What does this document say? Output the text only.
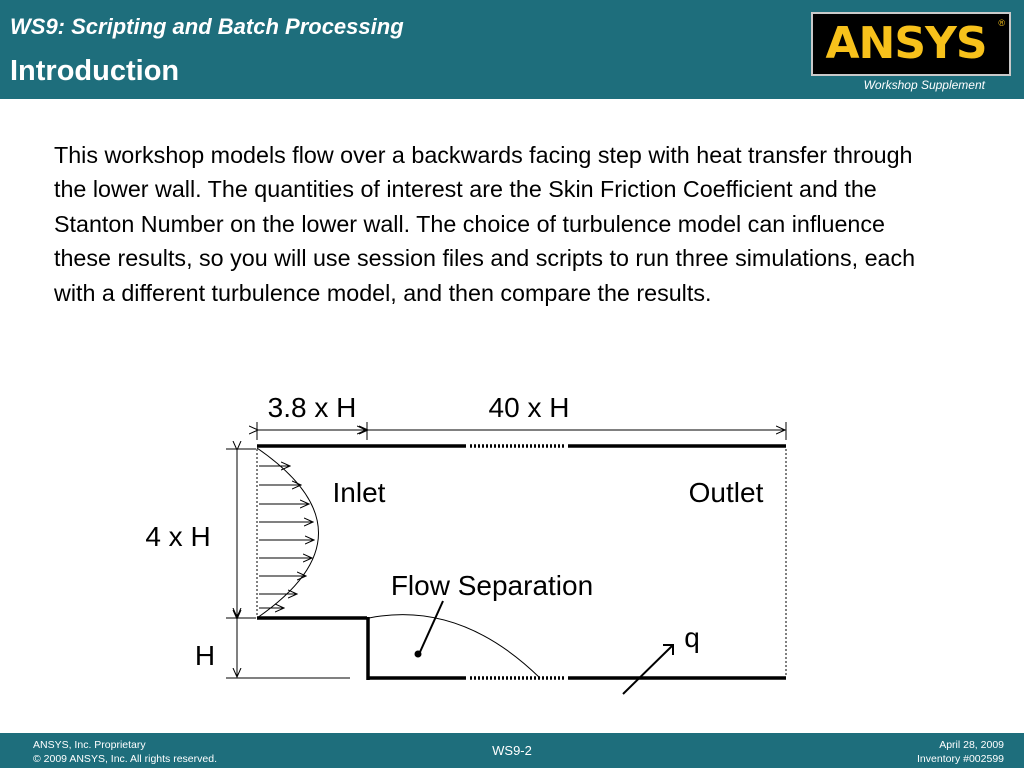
WS9: Scripting and Batch Processing
Introduction
ANSYS	®
Workshop Supplement

This workshop models flow over a backwards facing step with heat transfer through the lower wall. The quantities of interest are the Skin Friction Coefficient and the Stanton Number on the lower wall. The choice of turbulence model can influence these results, so you will use session files and scripts to run three simulations, each with a different turbulence model, and then compare the results.

3.8 x H	40 x H
4 x H
H
Inlet	Outlet
Flow Separation
q
ANSYS, Inc. Proprietary
© 2009 ANSYS, Inc. All rights reserved.
WS9-2	April 28, 2009
Inventory #002599
